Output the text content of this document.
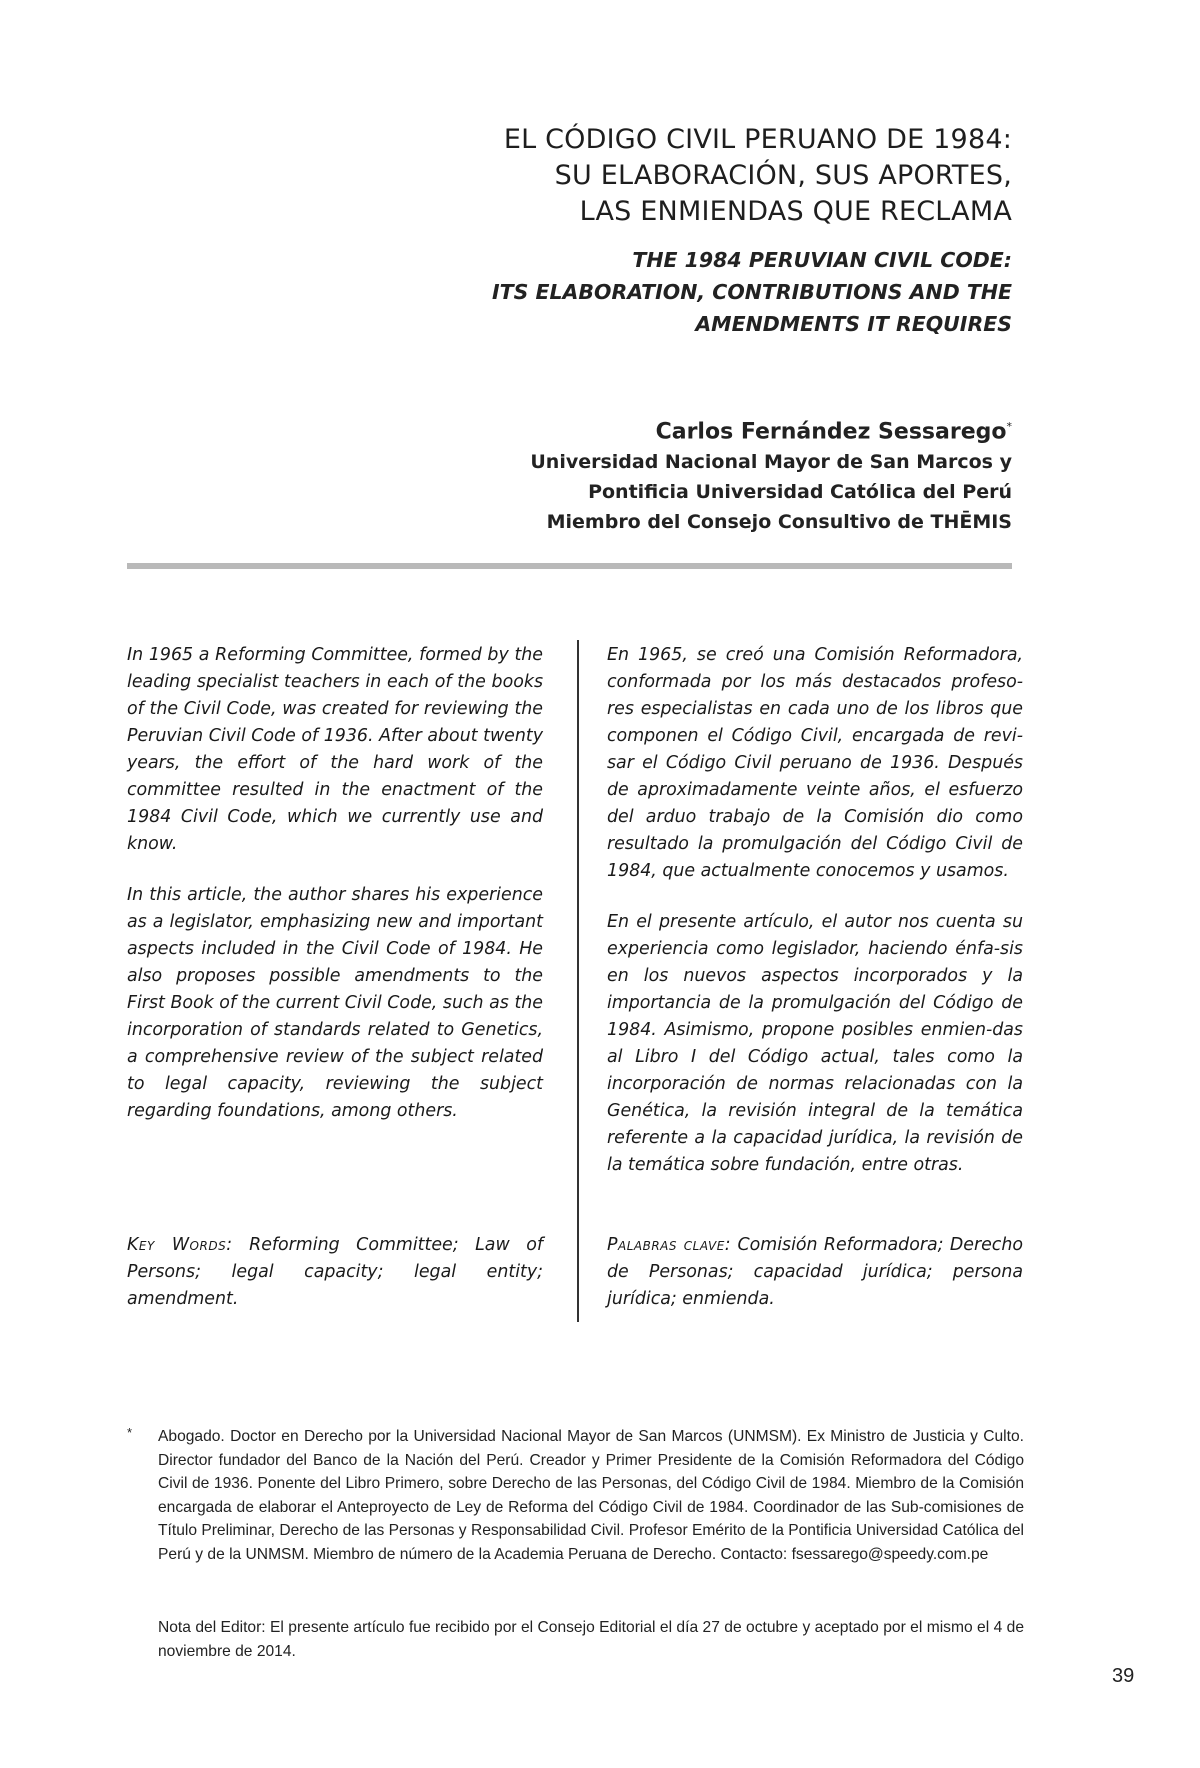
EL CÓDIGO CIVIL PERUANO DE 1984:
SU ELABORACIÓN, SUS APORTES,
LAS ENMIENDAS QUE RECLAMA
THE 1984 PERUVIAN CIVIL CODE:
ITS ELABORATION, CONTRIBUTIONS AND THE
AMENDMENTS IT REQUIRES
Carlos Fernández Sessarego*
Universidad Nacional Mayor de San Marcos y
Pontificia Universidad Católica del Perú
Miembro del Consejo Consultivo de THĒMIS

In 1965 a Reforming Committee, formed by the leading specialist teachers in each of the books of the Civil Code, was created for reviewing the Peruvian Civil Code of 1936. After about twenty years, the effort of the hard work of the committee resulted in the enactment of the 1984 Civil Code, which we currently use and know.

In this article, the author shares his experience as a legislator, emphasizing new and important aspects included in the Civil Code of 1984. He also proposes possible amendments to the First Book of the current Civil Code, such as the incorporation of standards related to Genetics, a comprehensive review of the subject related to legal capacity, reviewing the subject regarding foundations, among others.

En 1965, se creó una Comisión Reformadora, conformada por los más destacados profeso-res especialistas en cada uno de los libros que componen el Código Civil, encargada de revi-sar el Código Civil peruano de 1936. Después de aproximadamente veinte años, el esfuerzo del arduo trabajo de la Comisión dio como resultado la promulgación del Código Civil de 1984, que actualmente conocemos y usamos.

En el presente artículo, el autor nos cuenta su experiencia como legislador, haciendo énfa-sis en los nuevos aspectos incorporados y la importancia de la promulgación del Código de 1984. Asimismo, propone posibles enmien-das al Libro I del Código actual, tales como la incorporación de normas relacionadas con la Genética, la revisión integral de la temática referente a la capacidad jurídica, la revisión de la temática sobre fundación, entre otras.

Key Words: Reforming Committee; Law of Persons; legal capacity; legal entity; amendment.
Palabras clave: Comisión Reformadora; Derecho de Personas; capacidad jurídica; persona jurídica; enmienda.
* Abogado. Doctor en Derecho por la Universidad Nacional Mayor de San Marcos (UNMSM). Ex Ministro de Justicia y Culto. Director fundador del Banco de la Nación del Perú. Creador y Primer Presidente de la Comisión Reformadora del Código Civil de 1936. Ponente del Libro Primero, sobre Derecho de las Personas, del Código Civil de 1984. Miembro de la Comisión encargada de elaborar el Anteproyecto de Ley de Reforma del Código Civil de 1984. Coordinador de las Sub-comisiones de Título Preliminar, Derecho de las Personas y Responsabilidad Civil. Profesor Emérito de la Pontificia Universidad Católica del Perú y de la UNMSM. Miembro de número de la Academia Peruana de Derecho. Contacto: fsessarego@speedy.com.pe
Nota del Editor: El presente artículo fue recibido por el Consejo Editorial el día 27 de octubre y aceptado por el mismo el 4 de noviembre de 2014.
39
